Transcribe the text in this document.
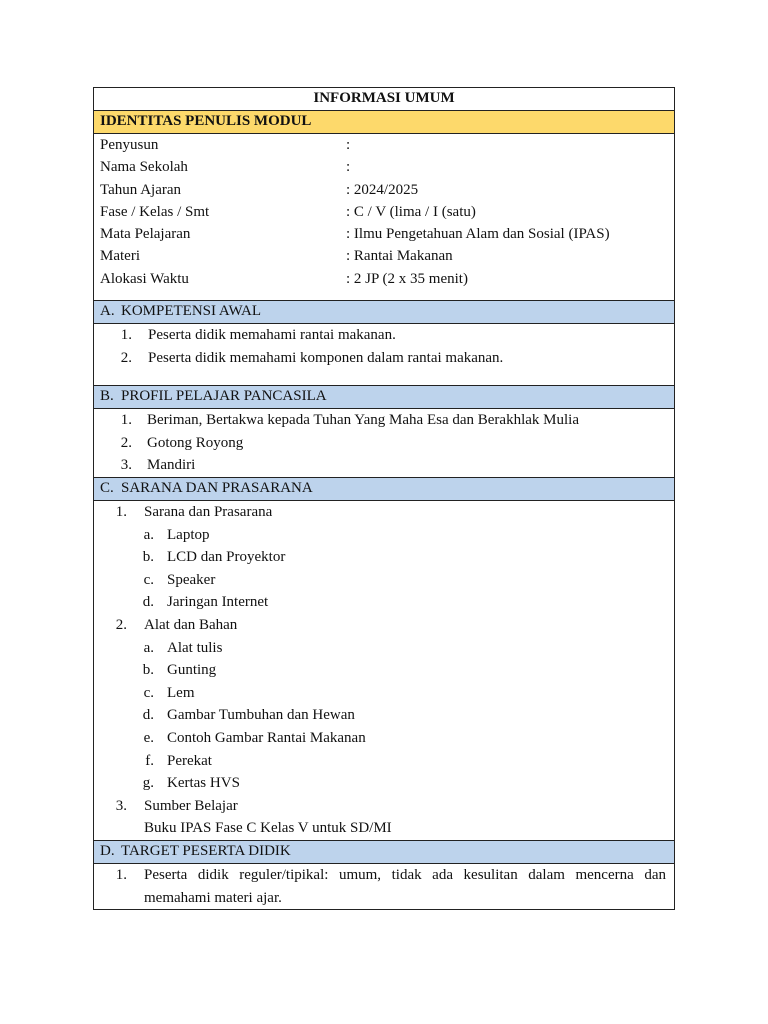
INFORMASI UMUM
IDENTITAS PENULIS MODUL
Penyusun	:
Nama Sekolah	:
Tahun Ajaran	: 2024/2025
Fase / Kelas / Smt	: C / V (lima / I (satu)
Mata Pelajaran	: Ilmu Pengetahuan Alam dan Sosial (IPAS)
Materi	: Rantai Makanan
Alokasi Waktu	: 2 JP (2 x 35 menit)
A. KOMPETENSI AWAL
1. Peserta didik memahami rantai makanan.
2. Peserta didik memahami komponen dalam rantai makanan.
B. PROFIL PELAJAR PANCASILA
1. Beriman, Bertakwa kepada Tuhan Yang Maha Esa dan Berakhlak Mulia
2. Gotong Royong
3. Mandiri
C. SARANA DAN PRASARANA
1. Sarana dan Prasarana
a. Laptop
b. LCD dan Proyektor
c. Speaker
d. Jaringan Internet
2. Alat dan Bahan
a. Alat tulis
b. Gunting
c. Lem
d. Gambar Tumbuhan dan Hewan
e. Contoh Gambar Rantai Makanan
f. Perekat
g. Kertas HVS
3. Sumber Belajar
Buku IPAS Fase C Kelas V untuk SD/MI
D. TARGET PESERTA DIDIK
1. Peserta didik reguler/tipikal: umum, tidak ada kesulitan dalam mencerna dan
memahami materi ajar.
